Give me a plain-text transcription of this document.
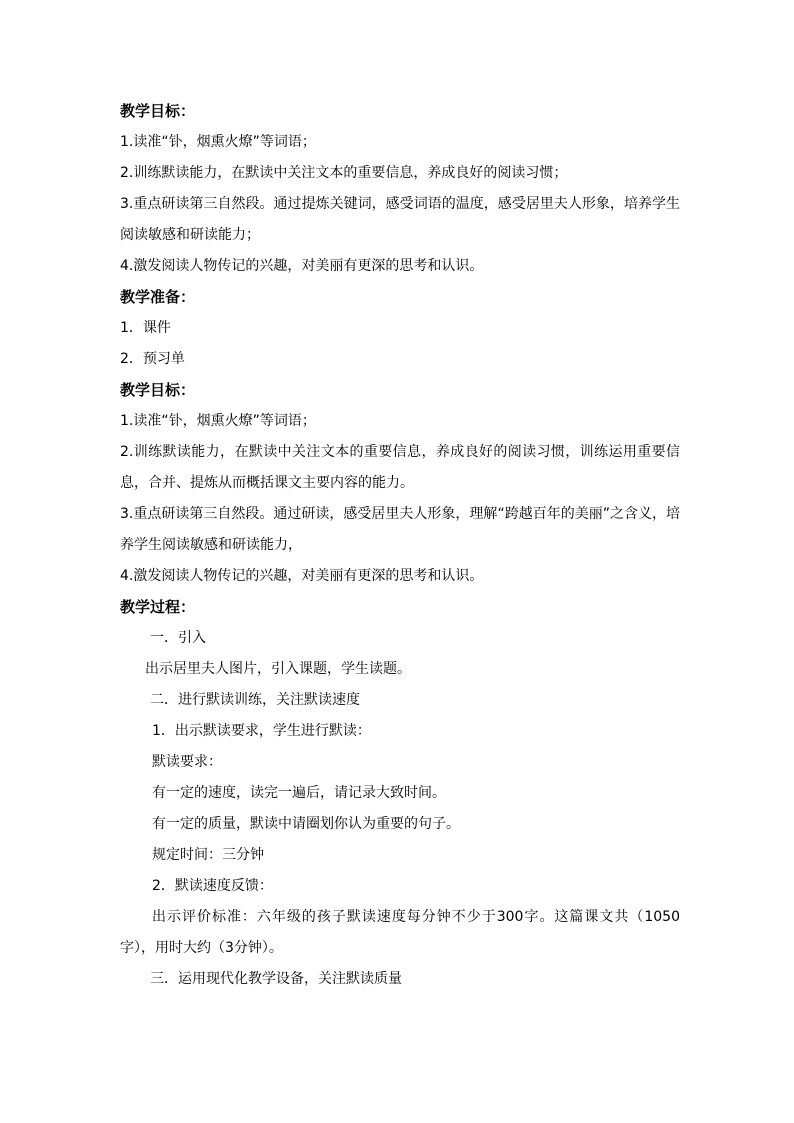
教学目标：
1.读准“钋，烟熏火燎”等词语；
2.训练默读能力，在默读中关注文本的重要信息，养成良好的阅读习惯；
3.重点研读第三自然段。通过提炼关键词，感受词语的温度，感受居里夫人形象，培养学生阅读敏感和研读能力；
4.激发阅读人物传记的兴趣，对美丽有更深的思考和认识。
教学准备：
1．课件
2．预习单
教学目标：
1.读准“钋，烟熏火燎”等词语；
2.训练默读能力，在默读中关注文本的重要信息，养成良好的阅读习惯，训练运用重要信息，合并、提炼从而概括课文主要内容的能力。
3.重点研读第三自然段。通过研读，感受居里夫人形象，理解“跨越百年的美丽”之含义，培养学生阅读敏感和研读能力，
4.激发阅读人物传记的兴趣，对美丽有更深的思考和认识。
教学过程：
一．引入
出示居里夫人图片，引入课题，学生读题。
二．进行默读训练，关注默读速度
1．出示默读要求，学生进行默读：
默读要求：
有一定的速度，读完一遍后，请记录大致时间。
有一定的质量，默读中请圈划你认为重要的句子。
规定时间：三分钟
2．默读速度反馈：
出示评价标准：六年级的孩子默读速度每分钟不少于300字。这篇课文共（1050字），用时大约（3分钟）。
三．运用现代化教学设备，关注默读质量
